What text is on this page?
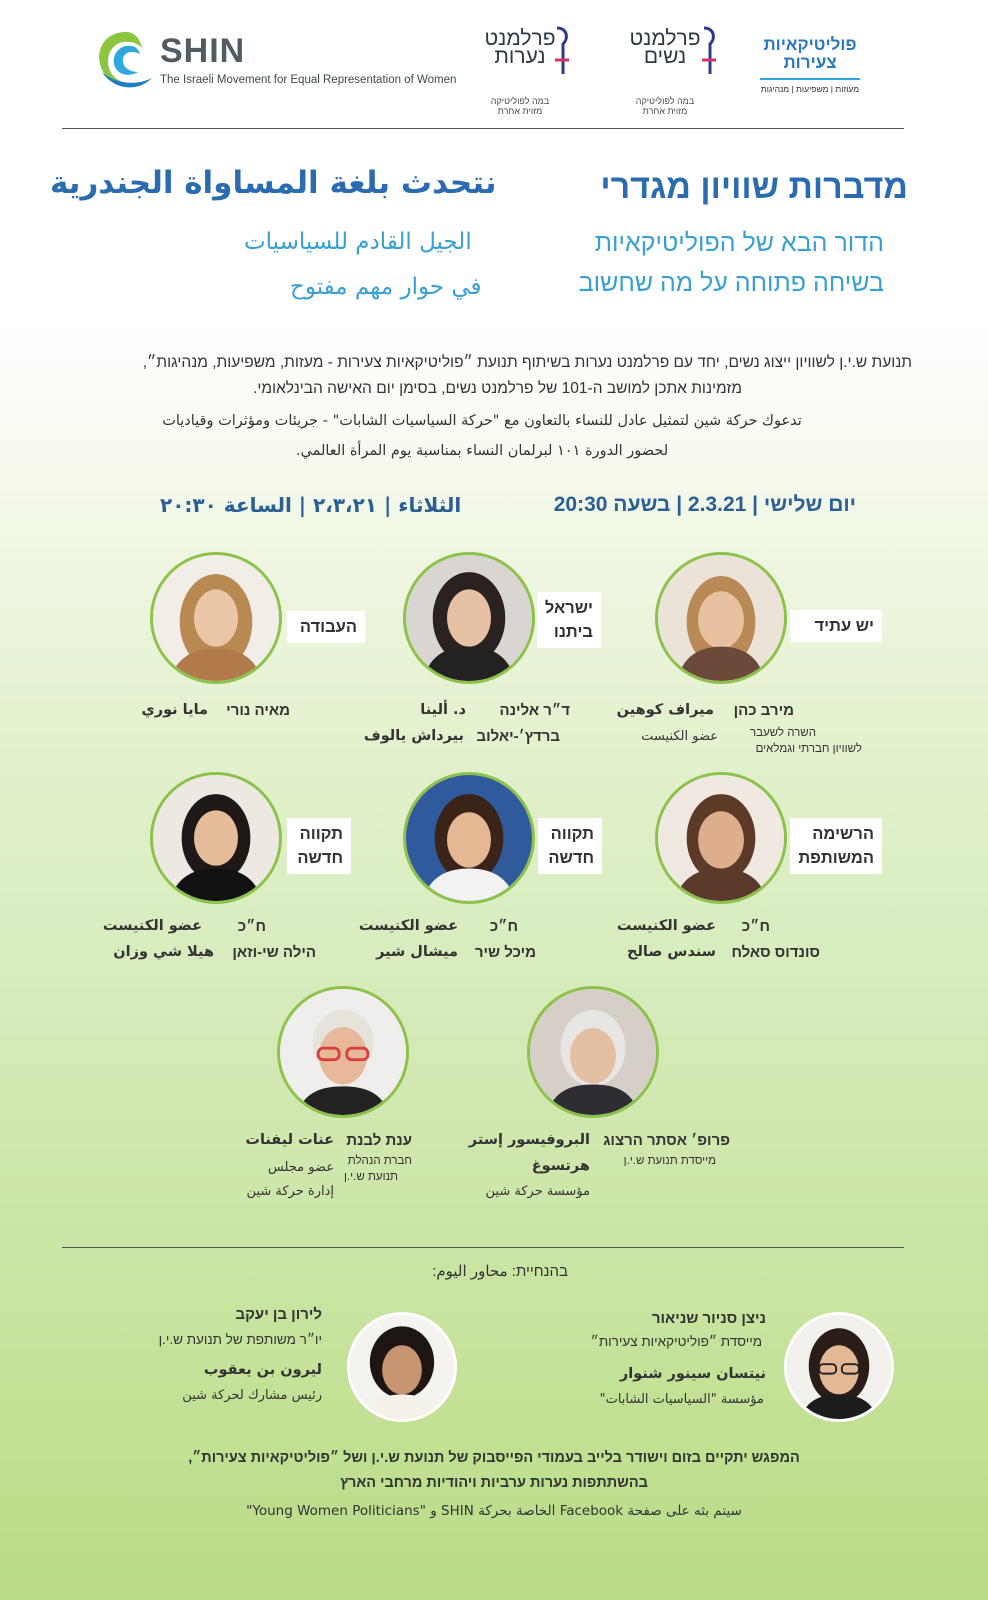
SHIN
The Israeli Movement for Equal Representation of Women
פרלמנט נערות
במה לפוליטיקה
מזוית אחרת
פרלמנט נשים
במה לפוליטיקה
מזוית אחרת
פוליטיקאיות
צעירות
מעוזות | משפיעות | מנהיגות
מדברות שוויון מגדרי
نتحدث بلغة المساواة الجندرية
הדור הבא של הפוליטיקאיות
בשיחה פתוחה על מה שחשוב
الجيل القادم للسياسيات
في حوار مهم مفتوح
תנועת ש.י.ן לשוויון ייצוג נשים, יחד עם פרלמנט נערות בשיתוף תנועת ״פוליטיקאיות צעירות - מעזות, משפיעות, מנהיגות״,
מזמינות אתכן למושב ה-101 של פרלמנט נשים, בסימן יום האישה הבינלאומי.
تدعوك حركة شين لتمثيل عادل للنساء بالتعاون مع "حركة السياسيات الشابات" - جريئات ومؤثرات وقياديات
لحضور الدورة ١٠١ لبرلمان النساء بمناسبة يوم المرأة العالمي.
יום שלישי | 2.3.21 | בשעה 20:30
الثلاثاء | ٢،٣،٢١ | الساعة ٢٠:٣٠
יש עתיד
מירב כהן
ميراف كوهين
השרה לשעבר
לשוויון חברתי וגמלאים
عضو الكنيست
ישראל
ביתנו
ד״ר אלינה
ברדץ׳-יאלוב
د. ألينا
بيرداش يالوف
העבודה
מאיה נורי
مايا نوري
הרשימה
המשותפת
ח״כ
סונדוס סאלח
عضو الكنيست
سندس صالح
תקווה
חדשה
ח״כ
מיכל שיר
عضو الكنيست
ميشال شير
תקווה
חדשה
ח״כ
הילה שי-וזאן
عضو الكنيست
هيلا شي وزان
פרופ׳ אסתר הרצוג
מייסדת תנועת ש.י.ן
البروفيسور إستر
هرتسوغ
مؤسسة حركة شين
ענת לבנת
חברת הנהלת
תנועת ש.י.ן
عنات ليفنات
عضو مجلس
إدارة حركة شين
בהנחיית: محاور اليوم:
ניצן סניור שניאור
מייסדת ״פוליטיקאיות צעירות״
نيتسان سينور شنوار
مؤسسة "السياسيات الشابات"
לירון בן יעקב
יו״ר משותפת של תנועת ש.י.ן
ليرون بن يعقوب
رئيس مشارك لحركة شين
המפגש יתקיים בזום וישודר בלייב בעמודי הפייסבוק של תנועת ש.י.ן ושל ״פוליטיקאיות צעירות״,
בהשתתפות נערות ערביות ויהודיות מרחבי הארץ
سيتم بثه على صفحة Facebook الخاصة بحركة SHIN و "Young Women Politicians"
